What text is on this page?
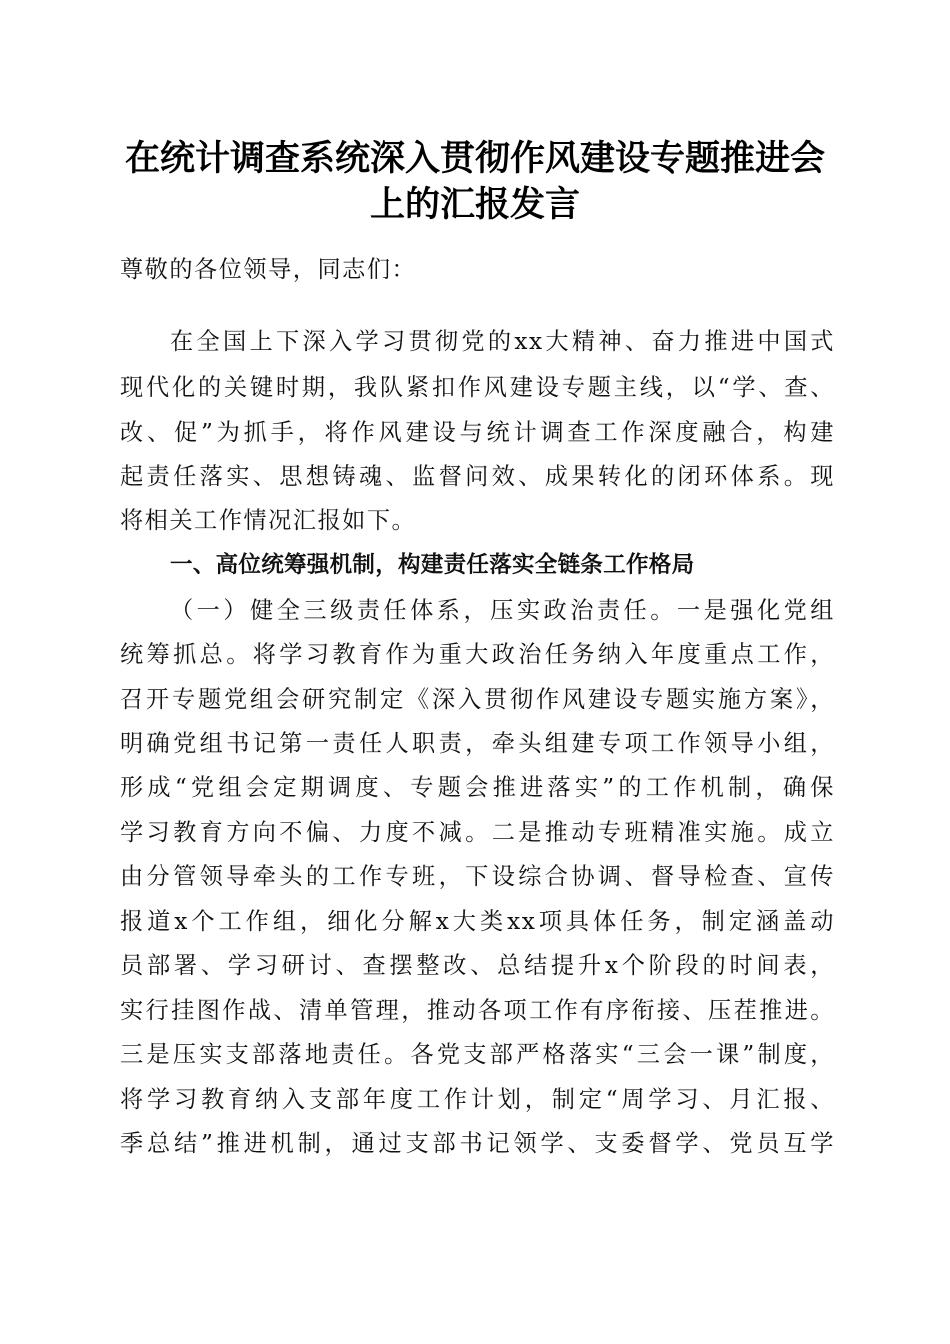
在统计调查系统深入贯彻作风建设专题推进会
上的汇报发言
尊敬的各位领导，同志们：
在全国上下深入学习贯彻党的xx大精神、奋力推进中国式
现代化的关键时期，我队紧扣作风建设专题主线，以“学、查、
改、促”为抓手，将作风建设与统计调查工作深度融合，构建
起责任落实、思想铸魂、监督问效、成果转化的闭环体系。现
将相关工作情况汇报如下。
一、高位统筹强机制，构建责任落实全链条工作格局
（一）健全三级责任体系，压实政治责任。一是强化党组
统筹抓总。将学习教育作为重大政治任务纳入年度重点工作，
召开专题党组会研究制定《深入贯彻作风建设专题实施方案》，
明确党组书记第一责任人职责，牵头组建专项工作领导小组，
形成“党组会定期调度、专题会推进落实”的工作机制，确保
学习教育方向不偏、力度不减。二是推动专班精准实施。成立
由分管领导牵头的工作专班，下设综合协调、督导检查、宣传
报道x个工作组，细化分解x大类xx项具体任务，制定涵盖动
员部署、学习研讨、查摆整改、总结提升x个阶段的时间表，
实行挂图作战、清单管理，推动各项工作有序衔接、压茬推进。
三是压实支部落地责任。各党支部严格落实“三会一课”制度，
将学习教育纳入支部年度工作计划，制定“周学习、月汇报、
季总结”推进机制，通过支部书记领学、支委督学、党员互学
